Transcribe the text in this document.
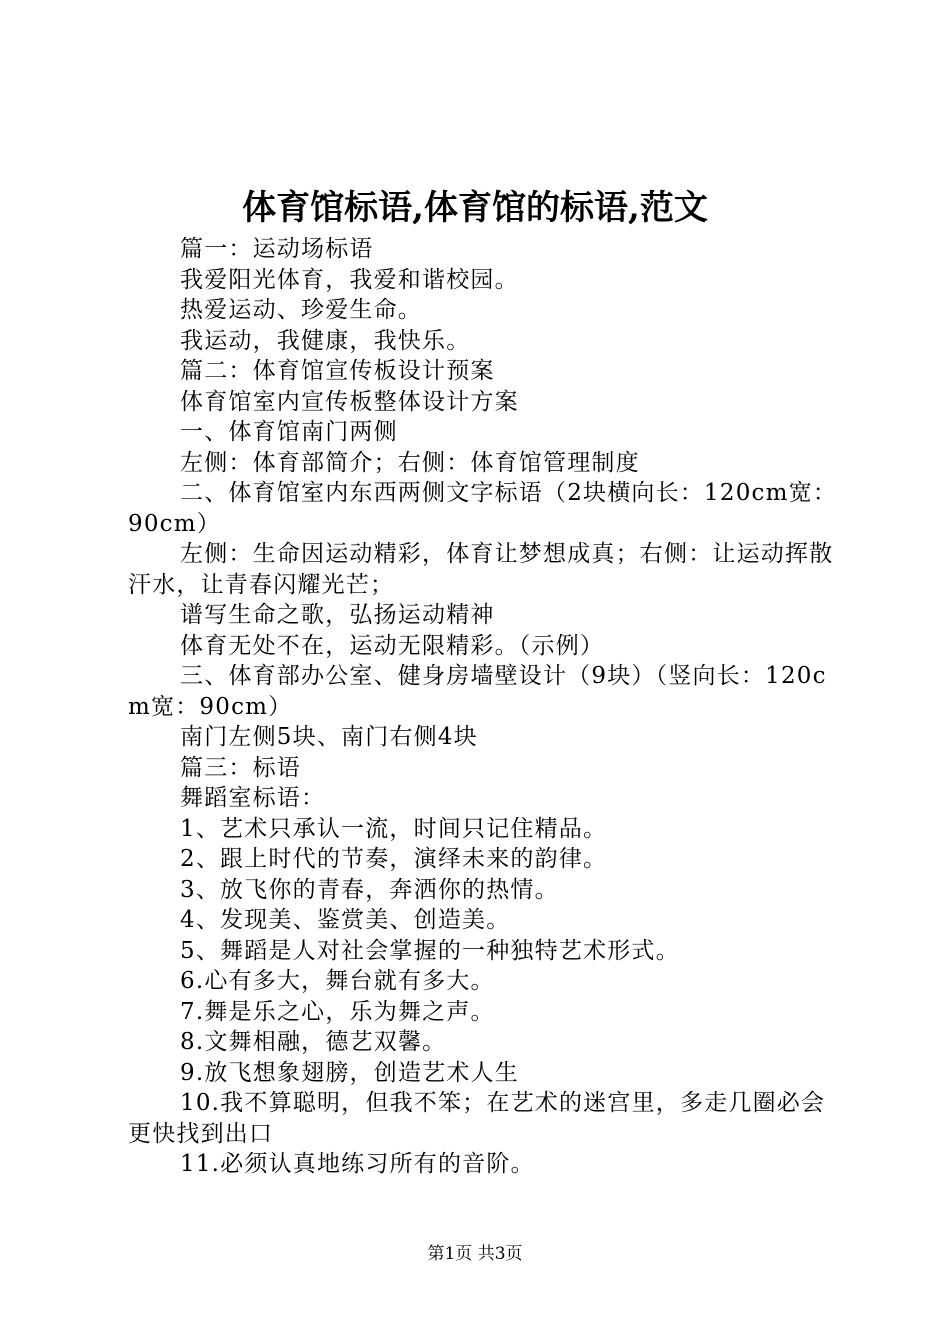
体育馆标语,体育馆的标语,范文

篇一：运动场标语

我爱阳光体育，我爱和谐校园。

热爱运动、珍爱生命。

我运动，我健康，我快乐。

篇二：体育馆宣传板设计预案

体育馆室内宣传板整体设计方案

一、体育馆南门两侧

左侧：体育部简介；右侧：体育馆管理制度

二、体育馆室内东西两侧文字标语（2块横向长：120cm宽：90cm）

左侧：生命因运动精彩，体育让梦想成真；右侧：让运动挥散汗水，让青春闪耀光芒；

谱写生命之歌，弘扬运动精神

体育无处不在，运动无限精彩。（示例）

三、体育部办公室、健身房墙壁设计（9块）（竖向长：120cm宽：90cm）

南门左侧5块、南门右侧4块

篇三：标语

舞蹈室标语：

1、艺术只承认一流，时间只记住精品。

2、跟上时代的节奏，演绎未来的韵律。

3、放飞你的青春，奔洒你的热情。

4、发现美、鉴赏美、创造美。

5、舞蹈是人对社会掌握的一种独特艺术形式。

6.心有多大，舞台就有多大。

7.舞是乐之心，乐为舞之声。

8.文舞相融，德艺双馨。

9.放飞想象翅膀，创造艺术人生

10.我不算聪明，但我不笨；在艺术的迷宫里，多走几圈必会更快找到出口

11.必须认真地练习所有的音阶。

第1页 共3页
